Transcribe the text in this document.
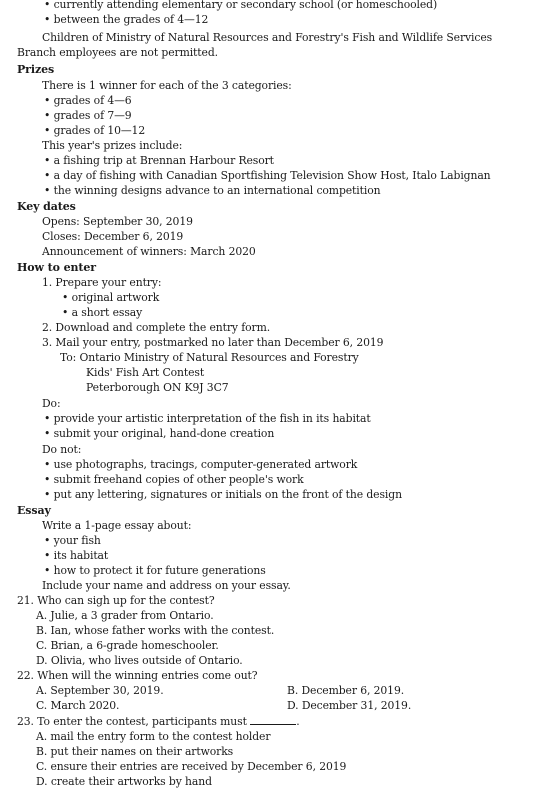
• currently attending elementary or secondary school (or homeschooled)
• between the grades of 4—12
Children of Ministry of Natural Resources and Forestry's Fish and Wildlife Services
Branch employees are not permitted.
Prizes
There is 1 winner for each of the 3 categories:
• grades of 4—6
• grades of 7—9
• grades of 10—12
This year's prizes include:
• a fishing trip at Brennan Harbour Resort
• a day of fishing with Canadian Sportfishing Television Show Host, Italo Labignan
• the winning designs advance to an international competition
Key dates
Opens: September 30, 2019
Closes: December 6, 2019
Announcement of winners: March 2020
How to enter
1. Prepare your entry:
• original artwork
• a short essay
2. Download and complete the entry form.
3. Mail your entry, postmarked no later than December 6, 2019
To: Ontario Ministry of Natural Resources and Forestry
Kids' Fish Art Contest
Peterborough ON K9J 3C7
Do:
• provide your artistic interpretation of the fish in its habitat
• submit your original, hand-done creation
Do not:
• use photographs, tracings, computer-generated artwork
• submit freehand copies of other people's work
• put any lettering, signatures or initials on the front of the design
Essay
Write a 1-page essay about:
• your fish
• its habitat
• how to protect it for future generations
Include your name and address on your essay.
21. Who can sigh up for the contest?
A. Julie, a 3 grader from Ontario.
B. Ian, whose father works with the contest.
C. Brian, a 6-grade homeschooler.
D. Olivia, who lives outside of Ontario.
22. When will the winning entries come out?
A. September 30, 2019.	B. December 6, 2019.
C. March 2020.	D. December 31, 2019.
23. To enter the contest, participants must	.
A. mail the entry form to the contest holder
B. put their names on their artworks
C. ensure their entries are received by December 6, 2019
D. create their artworks by hand
